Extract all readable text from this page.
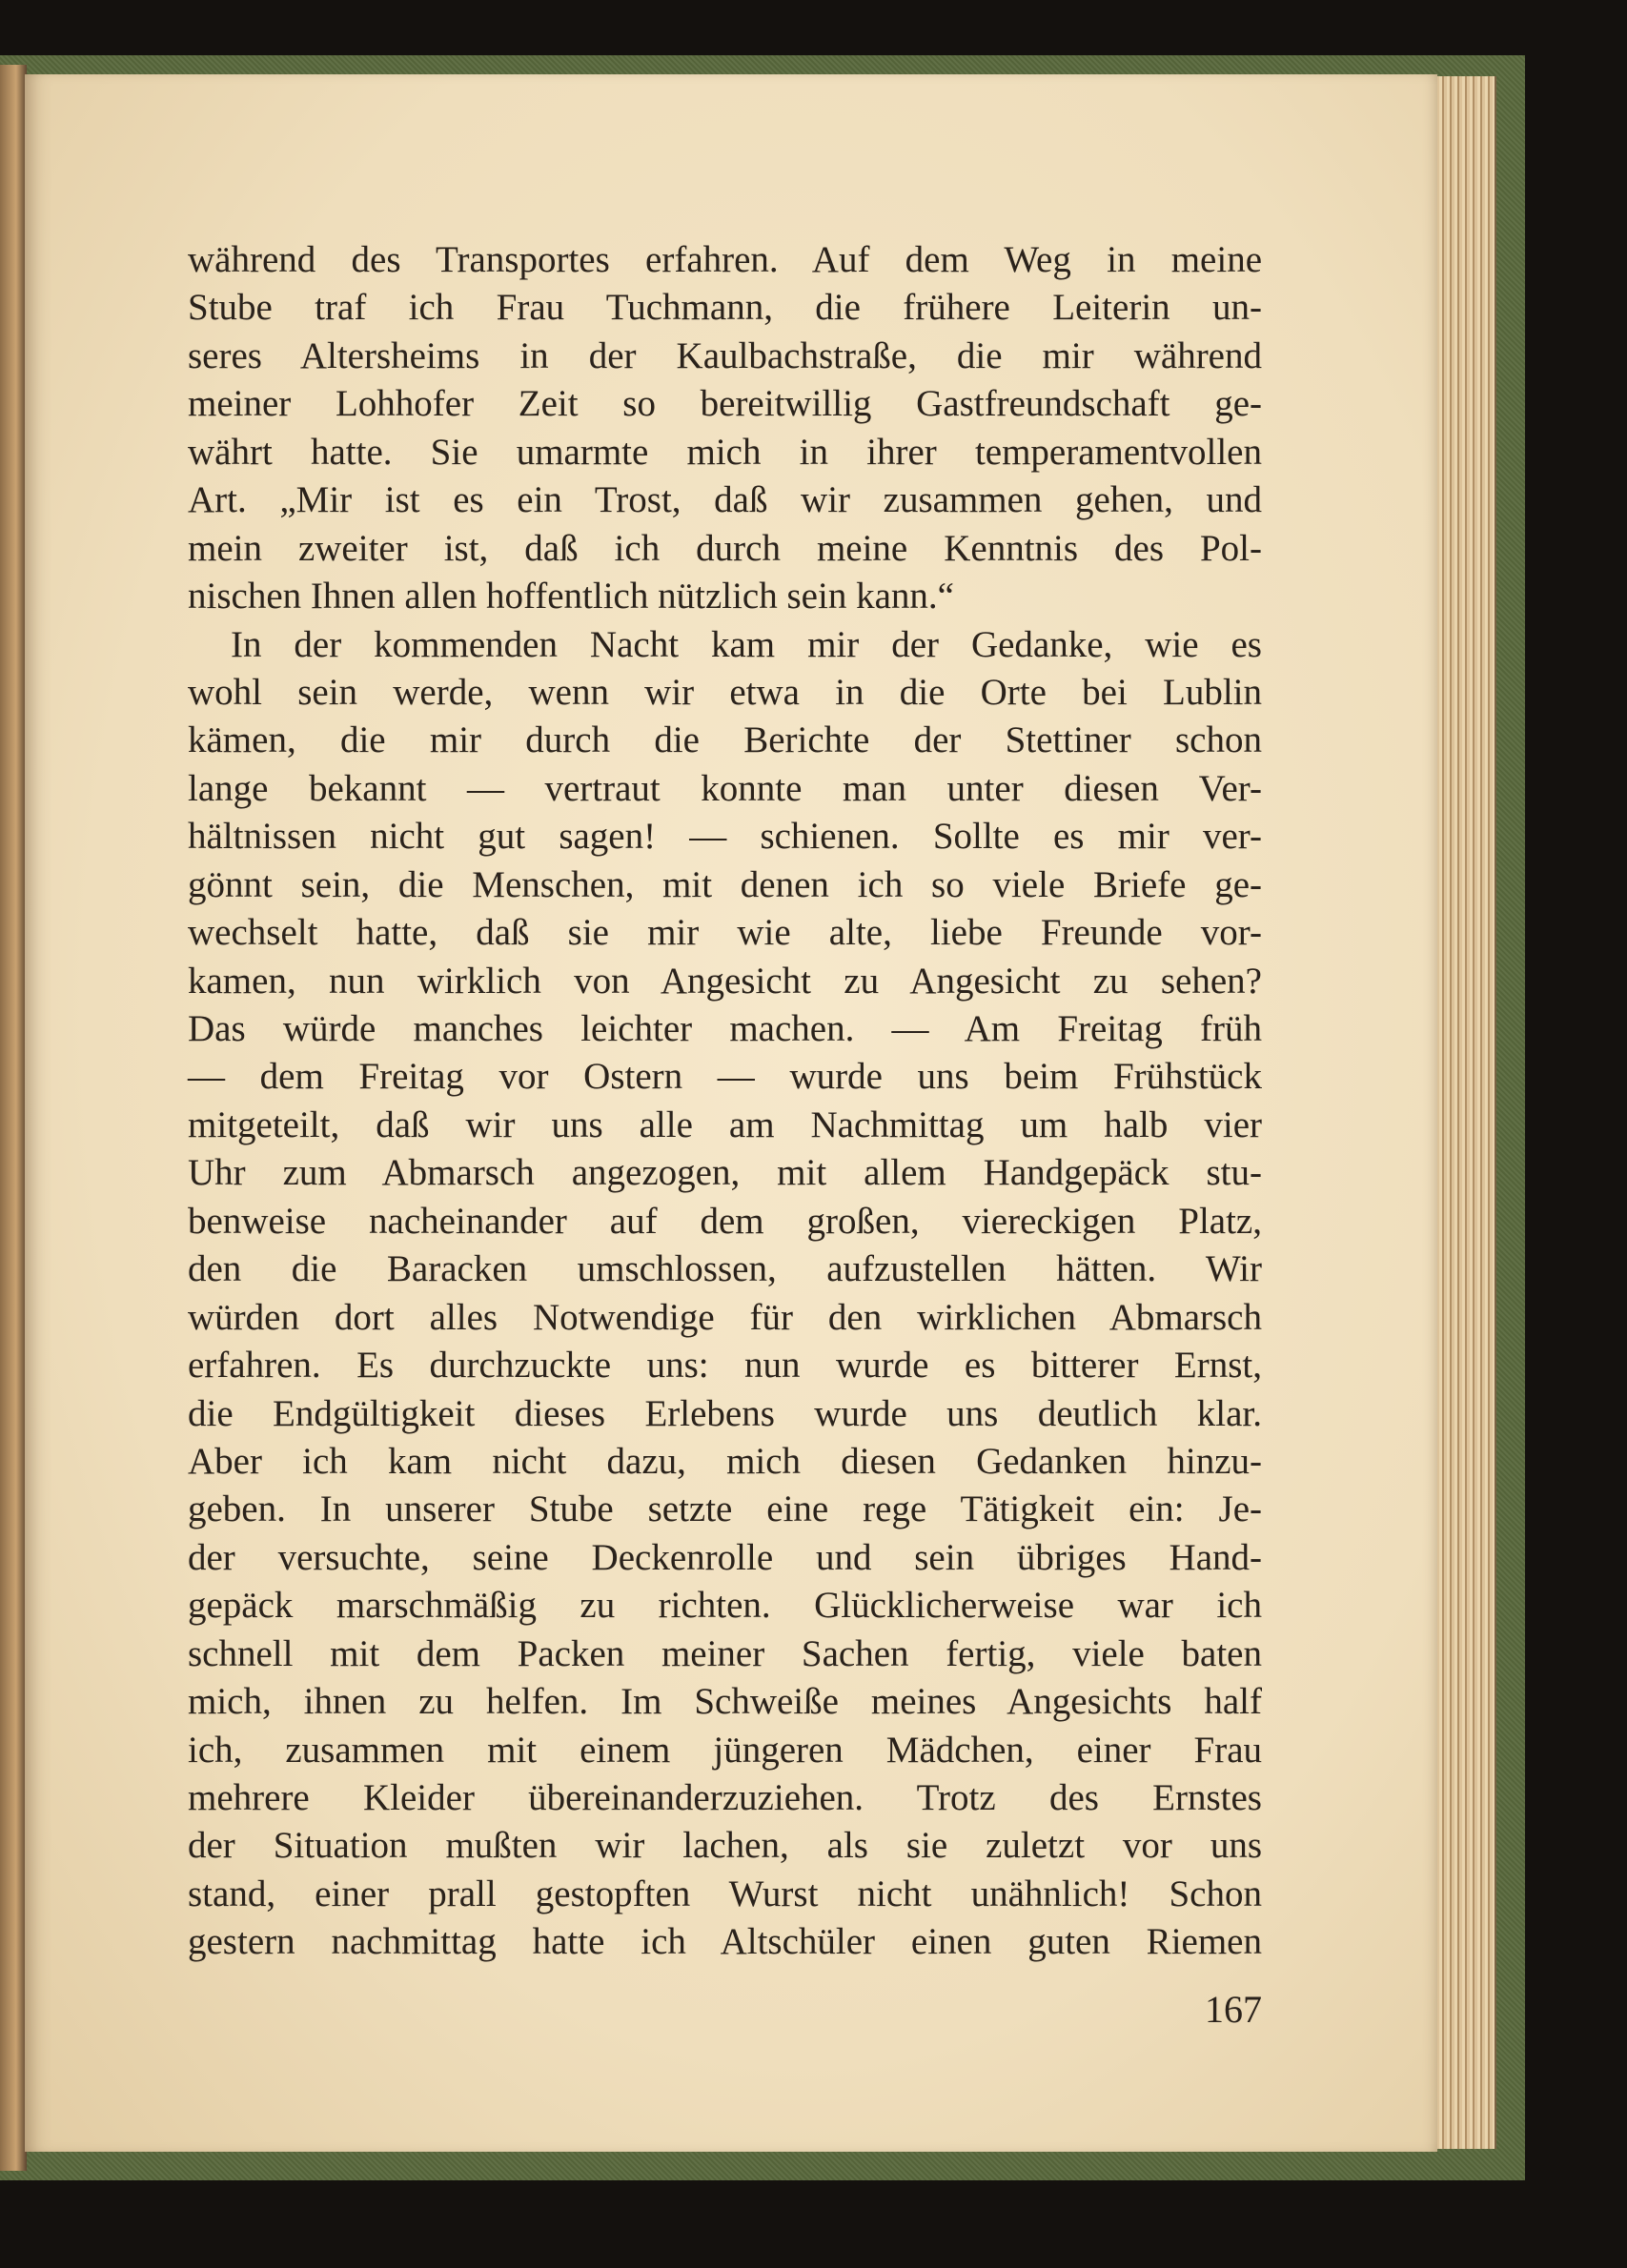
während des Transportes erfahren. Auf dem Weg in meine
Stube traf ich Frau Tuchmann, die frühere Leiterin un-
seres Altersheims in der Kaulbachstraße, die mir während
meiner Lohhofer Zeit so bereitwillig Gastfreundschaft ge-
währt hatte. Sie umarmte mich in ihrer temperamentvollen
Art. „Mir ist es ein Trost, daß wir zusammen gehen, und
mein zweiter ist, daß ich durch meine Kenntnis des Pol-
nischen Ihnen allen hoffentlich nützlich sein kann.“
In der kommenden Nacht kam mir der Gedanke, wie es
wohl sein werde, wenn wir etwa in die Orte bei Lublin
kämen, die mir durch die Berichte der Stettiner schon
lange bekannt — vertraut konnte man unter diesen Ver-
hältnissen nicht gut sagen! — schienen. Sollte es mir ver-
gönnt sein, die Menschen, mit denen ich so viele Briefe ge-
wechselt hatte, daß sie mir wie alte, liebe Freunde vor-
kamen, nun wirklich von Angesicht zu Angesicht zu sehen?
Das würde manches leichter machen. — Am Freitag früh
— dem Freitag vor Ostern — wurde uns beim Frühstück
mitgeteilt, daß wir uns alle am Nachmittag um halb vier
Uhr zum Abmarsch angezogen, mit allem Handgepäck stu-
benweise nacheinander auf dem großen, viereckigen Platz,
den die Baracken umschlossen, aufzustellen hätten. Wir
würden dort alles Notwendige für den wirklichen Abmarsch
erfahren. Es durchzuckte uns: nun wurde es bitterer Ernst,
die Endgültigkeit dieses Erlebens wurde uns deutlich klar.
Aber ich kam nicht dazu, mich diesen Gedanken hinzu-
geben. In unserer Stube setzte eine rege Tätigkeit ein: Je-
der versuchte, seine Deckenrolle und sein übriges Hand-
gepäck marschmäßig zu richten. Glücklicherweise war ich
schnell mit dem Packen meiner Sachen fertig, viele baten
mich, ihnen zu helfen. Im Schweiße meines Angesichts half
ich, zusammen mit einem jüngeren Mädchen, einer Frau
mehrere Kleider übereinanderzuziehen. Trotz des Ernstes
der Situation mußten wir lachen, als sie zuletzt vor uns
stand, einer prall gestopften Wurst nicht unähnlich! Schon
gestern nachmittag hatte ich Altschüler einen guten Riemen
167
